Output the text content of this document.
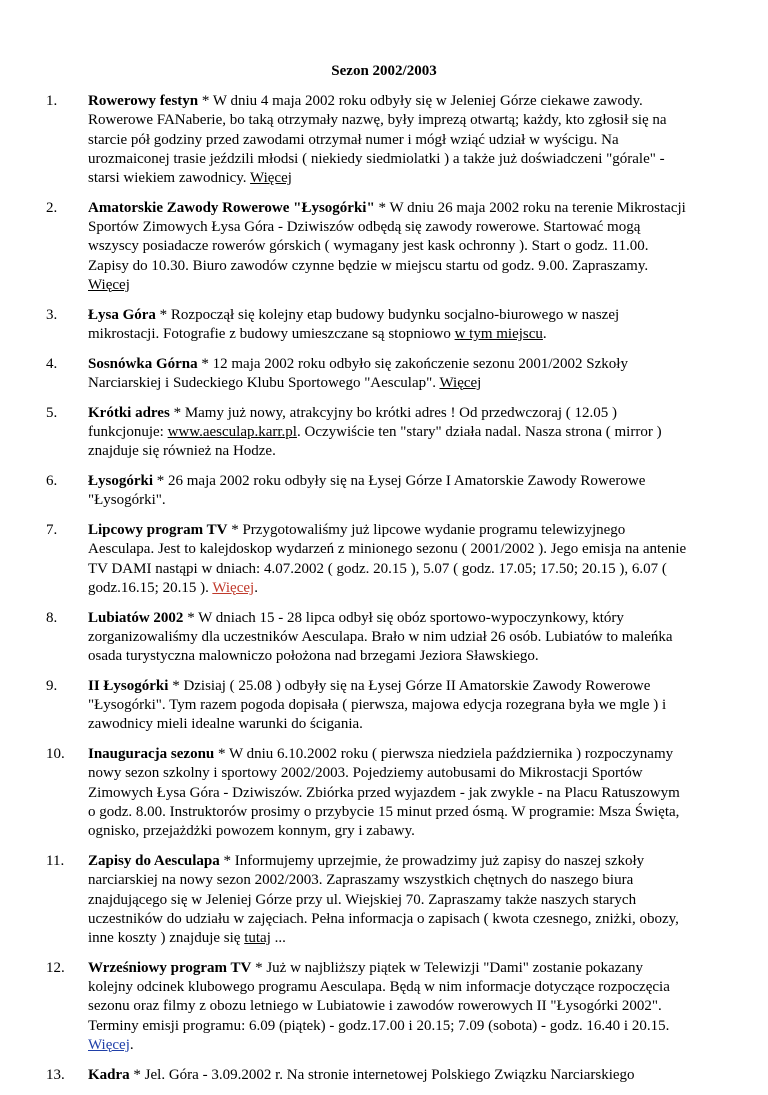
Sezon 2002/2003
1.	Rowerowy festyn * W dniu 4 maja 2002 roku odbyły się w Jeleniej Górze ciekawe zawody. Rowerowe FANaberie, bo taką otrzymały nazwę, były imprezą otwartą; każdy, kto zgłosił się na starcie pół godziny przed zawodami otrzymał numer i mógł wziąć udział w wyścigu. Na urozmaiconej trasie jeździli młodsi ( niekiedy siedmiolatki ) a także już doświadczeni "górale" - starsi wiekiem zawodnicy. Więcej
2.	Amatorskie Zawody Rowerowe "Łysogórki" * W dniu 26 maja 2002 roku na terenie Mikrostacji Sportów Zimowych Łysa Góra - Dziwiszów odbędą się zawody rowerowe. Startować mogą wszyscy posiadacze rowerów górskich ( wymagany jest kask ochronny ). Start o godz. 11.00. Zapisy do 10.30. Biuro zawodów czynne będzie w miejscu startu od godz. 9.00. Zapraszamy. Więcej
3.	Łysa Góra * Rozpoczął się kolejny etap budowy budynku socjalno-biurowego w naszej mikrostacji. Fotografie z budowy umieszczane są stopniowo w tym miejscu.
4.	Sosnówka Górna * 12 maja 2002 roku odbyło się zakończenie sezonu 2001/2002 Szkoły Narciarskiej i Sudeckiego Klubu Sportowego "Aesculap". Więcej
5.	Krótki adres * Mamy już nowy, atrakcyjny bo krótki adres ! Od przedwczoraj ( 12.05 ) funkcjonuje: www.aesculap.karr.pl. Oczywiście ten "stary" działa nadal. Nasza strona ( mirror ) znajduje się również na Hodze.
6.	Łysogórki * 26 maja 2002 roku odbyły się na Łysej Górze I Amatorskie Zawody Rowerowe "Łysogórki".
7.	Lipcowy program TV * Przygotowaliśmy już lipcowe wydanie programu telewizyjnego Aesculapa. Jest to kalejdoskop wydarzeń z minionego sezonu ( 2001/2002 ). Jego emisja na antenie TV DAMI nastąpi w dniach: 4.07.2002 ( godz. 20.15 ), 5.07 ( godz. 17.05; 17.50; 20.15 ), 6.07 ( godz.16.15; 20.15 ). Więcej.
8.	Lubiatów 2002 * W dniach 15 - 28 lipca odbył się obóz sportowo-wypoczynkowy, który zorganizowaliśmy dla uczestników Aesculapa. Brało w nim udział 26 osób. Lubiatów to maleńka osada turystyczna malowniczo położona nad brzegami Jeziora Sławskiego.
9.	II Łysogórki * Dzisiaj ( 25.08 ) odbyły się na Łysej Górze II Amatorskie Zawody Rowerowe "Łysogórki". Tym razem pogoda dopisała ( pierwsza, majowa edycja rozegrana była we mgle ) i zawodnicy mieli idealne warunki do ścigania.
10.	Inauguracja sezonu * W dniu 6.10.2002 roku ( pierwsza niedziela października ) rozpoczynamy nowy sezon szkolny i sportowy 2002/2003. Pojedziemy autobusami do Mikrostacji Sportów Zimowych Łysa Góra - Dziwiszów. Zbiórka przed wyjazdem - jak zwykle - na Placu Ratuszowym o godz. 8.00. Instruktorów prosimy o przybycie 15 minut przed ósmą. W programie: Msza Święta, ognisko, przejażdżki powozem konnym, gry i zabawy.
11.	Zapisy do Aesculapa * Informujemy uprzejmie, że prowadzimy już zapisy do naszej szkoły narciarskiej na nowy sezon 2002/2003. Zapraszamy wszystkich chętnych do naszego biura znajdującego się w Jeleniej Górze przy ul. Wiejskiej 70. Zapraszamy także naszych starych uczestników do udziału w zajęciach. Pełna informacja o zapisach ( kwota czesnego, zniżki, obozy, inne koszty ) znajduje się tutaj ...
12.	Wrześniowy program TV * Już w najbliższy piątek w Telewizji "Dami" zostanie pokazany kolejny odcinek klubowego programu Aesculapa. Będą w nim informacje dotyczące rozpoczęcia sezonu oraz filmy z obozu letniego w Lubiatowie i zawodów rowerowych II "Łysogórki 2002". Terminy emisji programu: 6.09 (piątek) - godz.17.00 i 20.15; 7.09 (sobota) - godz. 16.40 i 20.15. Więcej.
13.	Kadra * Jel. Góra - 3.09.2002 r. Na stronie internetowej Polskiego Związku Narciarskiego
